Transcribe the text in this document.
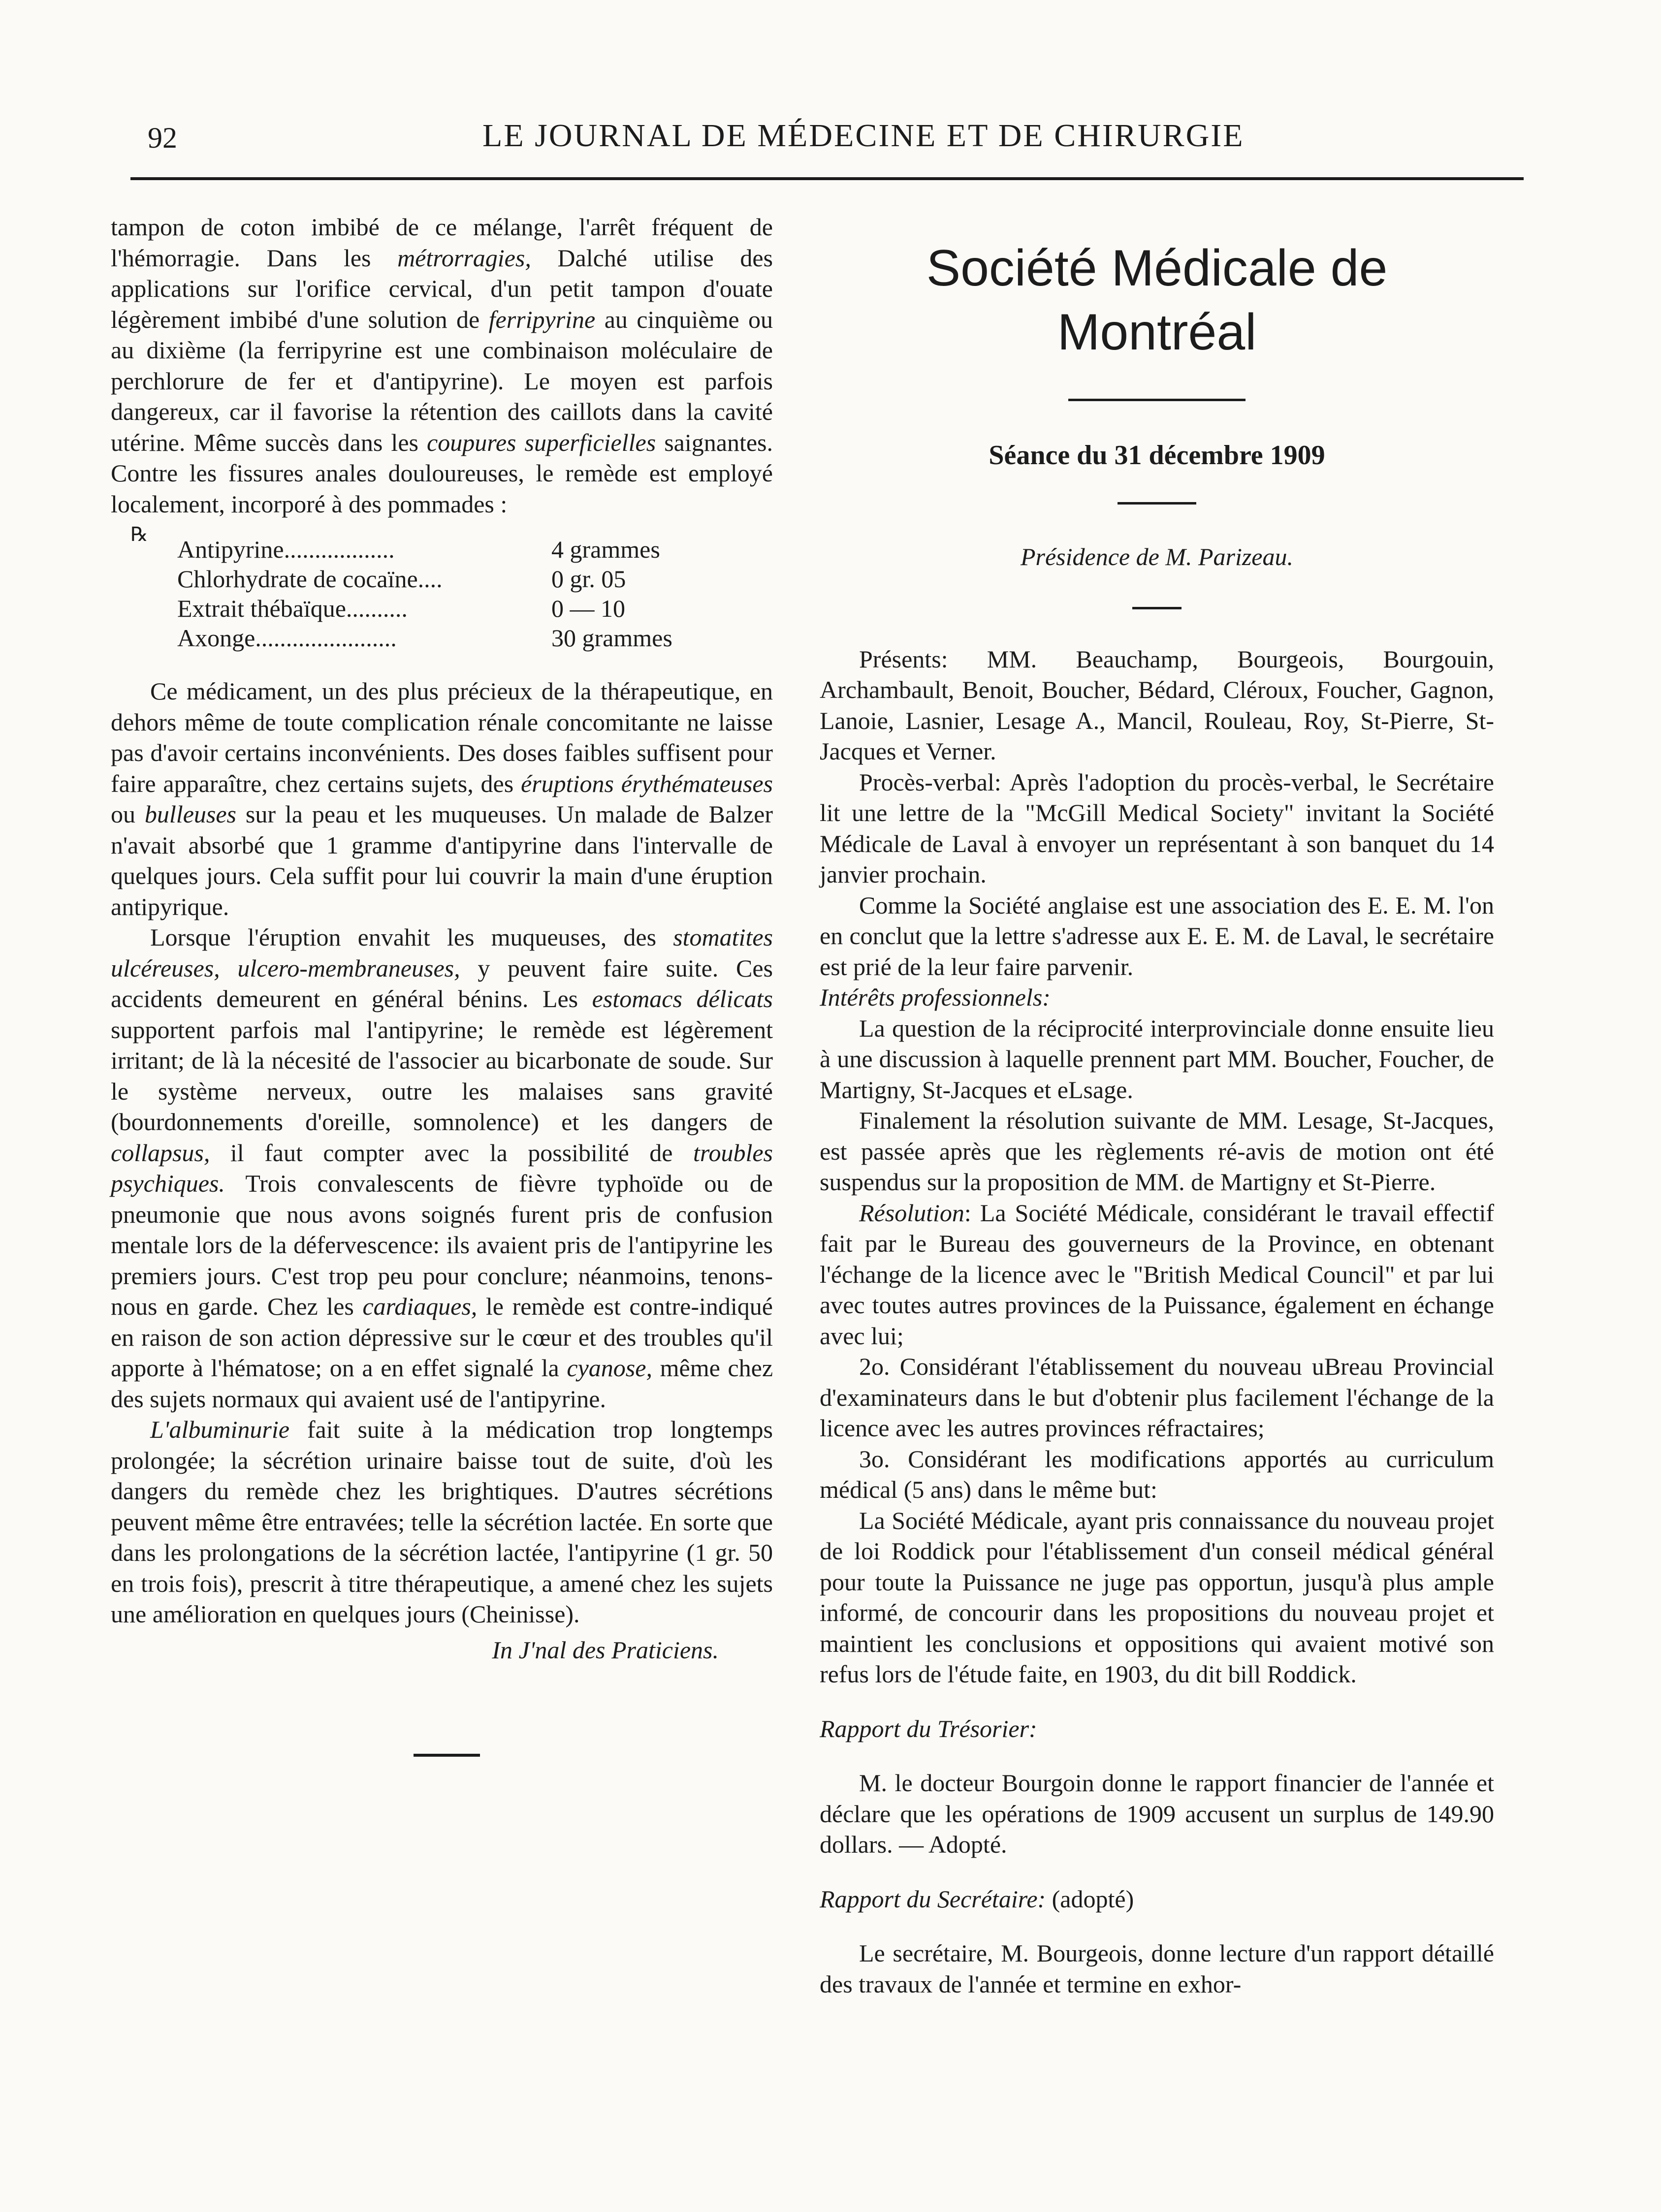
92	LE JOURNAL DE MÉDECINE ET DE CHIRURGIE

tampon de coton imbibé de ce mélange, l'arrêt fréquent de l'hémorragie. Dans les métrorragies, Dalché utilise des applications sur l'orifice cervical, d'un petit tampon d'ouate légèrement imbibé d'une solution de ferripyrine au cinquième ou au dixième (la ferripyrine est une combinaison moléculaire de perchlorure de fer et d'antipyrine). Le moyen est parfois dangereux, car il favorise la rétention des caillots dans la cavité utérine. Même succès dans les coupures superficielles saignantes. Contre les fissures anales douloureuses, le remède est employé localement, incorporé à des pommades :

℞
Antipyrine..................	4 grammes
Chlorhydrate de cocaïne....	0 gr. 05
Extrait thébaïque..........	0 — 10
Axonge.......................	30 grammes

Ce médicament, un des plus précieux de la thérapeutique, en dehors même de toute complication rénale concomitante ne laisse pas d'avoir certains inconvénients. Des doses faibles suffisent pour faire apparaître, chez certains sujets, des éruptions érythémateuses ou bulleuses sur la peau et les muqueuses. Un malade de Balzer n'avait absorbé que 1 gramme d'antipyrine dans l'intervalle de quelques jours. Cela suffit pour lui couvrir la main d'une éruption antipyrique.

Lorsque l'éruption envahit les muqueuses, des stomatites ulcéreuses, ulcero-membraneuses, y peuvent faire suite. Ces accidents demeurent en général bénins. Les estomacs délicats supportent parfois mal l'antipyrine; le remède est légèrement irritant; de là la nécesité de l'associer au bicarbonate de soude. Sur le système nerveux, outre les malaises sans gravité (bourdonnements d'oreille, somnolence) et les dangers de collapsus, il faut compter avec la possibilité de troubles psychiques. Trois convalescents de fièvre typhoïde ou de pneumonie que nous avons soignés furent pris de confusion mentale lors de la défervescence: ils avaient pris de l'antipyrine les premiers jours. C'est trop peu pour conclure; néanmoins, tenons-nous en garde. Chez les cardiaques, le remède est contre-indiqué en raison de son action dépressive sur le cœur et des troubles qu'il apporte à l'hématose; on a en effet signalé la cyanose, même chez des sujets normaux qui avaient usé de l'antipyrine.

L'albuminurie fait suite à la médication trop longtemps prolongée; la sécrétion urinaire baisse tout de suite, d'où les dangers du remède chez les brightiques. D'autres sécrétions peuvent même être entravées; telle la sécrétion lactée. En sorte que dans les prolongations de la sécrétion lactée, l'antipyrine (1 gr. 50 en trois fois), prescrit à titre thérapeutique, a amené chez les sujets une amélioration en quelques jours (Cheinisse).

In J'nal des Praticiens.
Société Médicale de Montréal
Séance du 31 décembre 1909
Présidence de M. Parizeau.

Présents: MM. Beauchamp, Bourgeois, Bourgouin, Archambault, Benoit, Boucher, Bédard, Cléroux, Foucher, Gagnon, Lanoie, Lasnier, Lesage A., Mancil, Rouleau, Roy, St-Pierre, St-Jacques et Verner.

Procès-verbal: Après l'adoption du procès-verbal, le Secrétaire lit une lettre de la "McGill Medical Society" invitant la Société Médicale de Laval à envoyer un représentant à son banquet du 14 janvier prochain.

Comme la Société anglaise est une association des E. E. M. l'on en conclut que la lettre s'adresse aux E. E. M. de Laval, le secrétaire est prié de la leur faire parvenir.

Intérêts professionnels:

La question de la réciprocité interprovinciale donne ensuite lieu à une discussion à laquelle prennent part MM. Boucher, Foucher, de Martigny, St-Jacques et eLsage.

Finalement la résolution suivante de MM. Lesage, St-Jacques, est passée après que les règlements ré-avis de motion ont été suspendus sur la proposition de MM. de Martigny et St-Pierre.

Résolution: La Société Médicale, considérant le travail effectif fait par le Bureau des gouverneurs de la Province, en obtenant l'échange de la licence avec le "British Medical Council" et par lui avec toutes autres provinces de la Puissance, également en échange avec lui;

2o. Considérant l'établissement du nouveau uBreau Provincial d'examinateurs dans le but d'obtenir plus facilement l'échange de la licence avec les autres provinces réfractaires;

3o. Considérant les modifications apportés au curriculum médical (5 ans) dans le même but:

La Société Médicale, ayant pris connaissance du nouveau projet de loi Roddick pour l'établissement d'un conseil médical général pour toute la Puissance ne juge pas opportun, jusqu'à plus ample informé, de concourir dans les propositions du nouveau projet et maintient les conclusions et oppositions qui avaient motivé son refus lors de l'étude faite, en 1903, du dit bill Roddick.

Rapport du Trésorier:

M. le docteur Bourgoin donne le rapport financier de l'année et déclare que les opérations de 1909 accusent un surplus de 149.90 dollars. — Adopté.

Rapport du Secrétaire: (adopté)

Le secrétaire, M. Bourgeois, donne lecture d'un rapport détaillé des travaux de l'année et termine en exhor-
